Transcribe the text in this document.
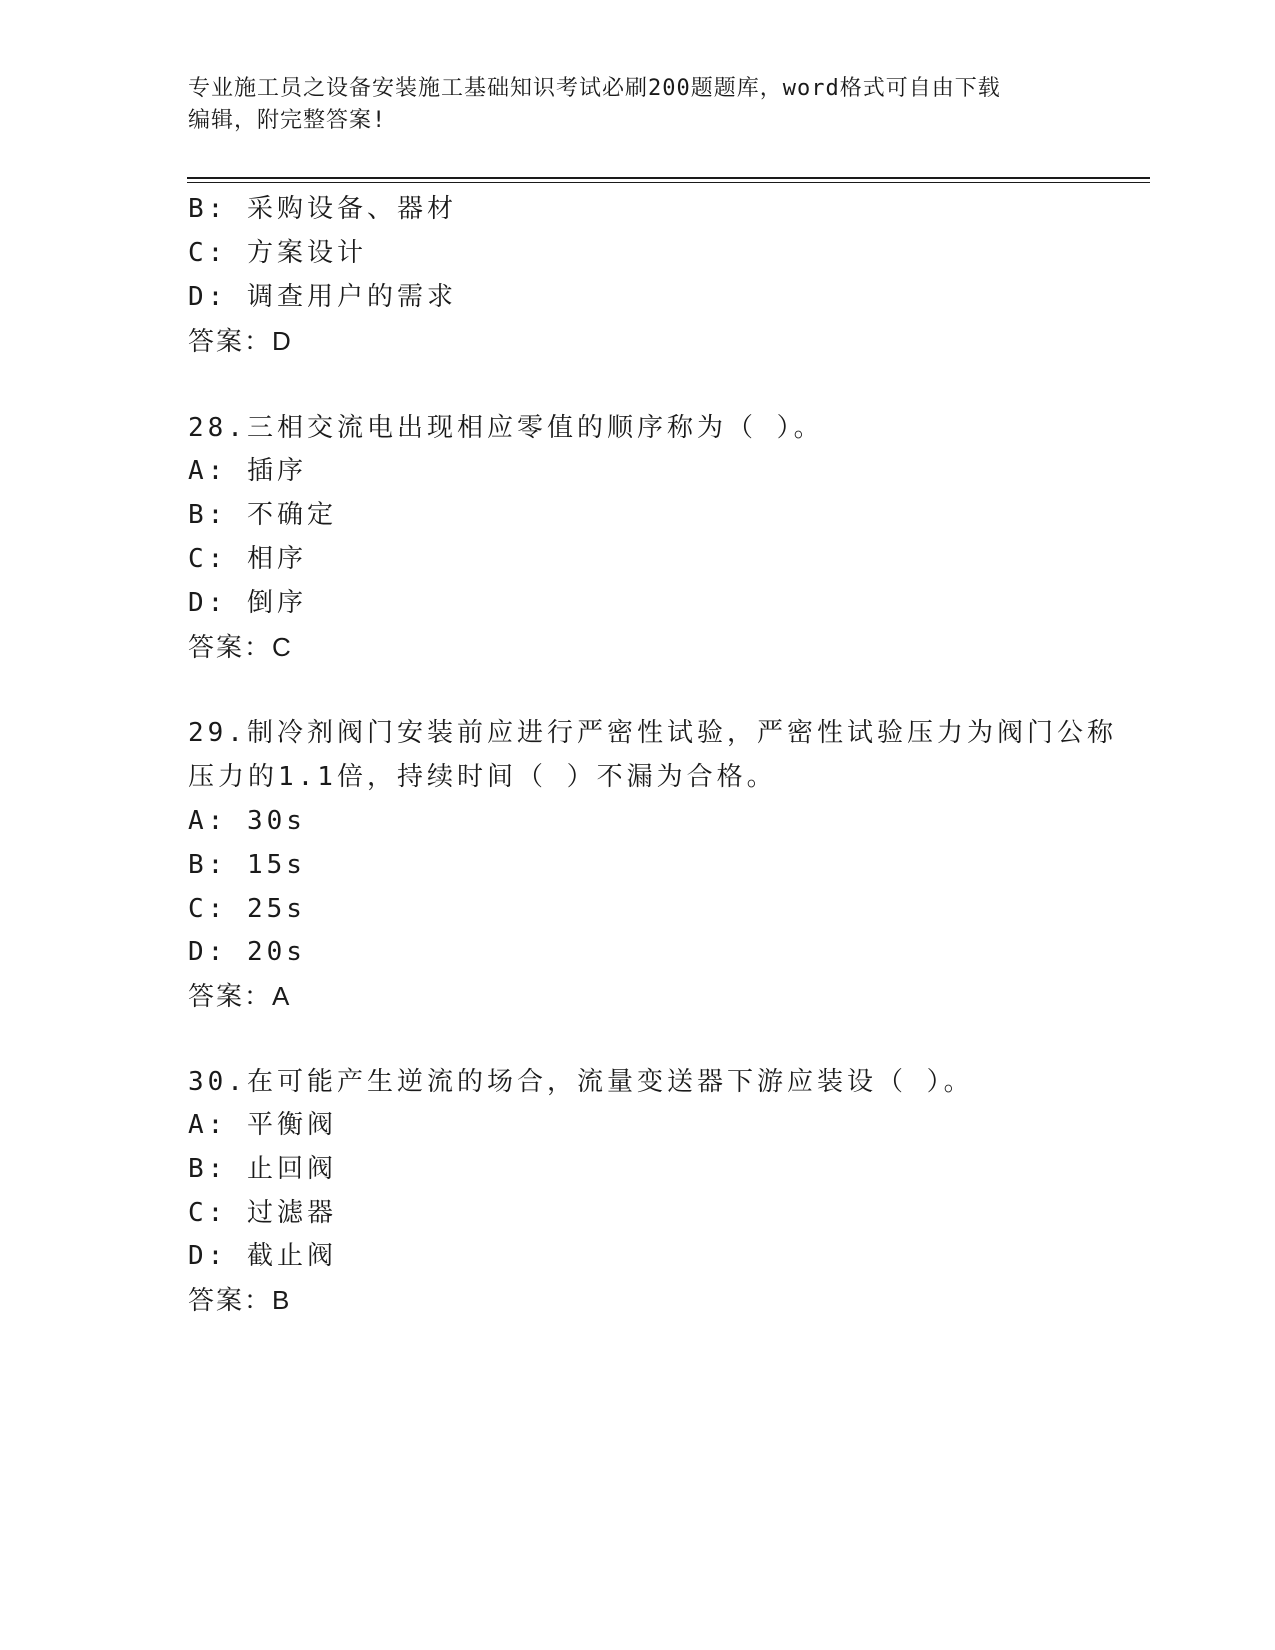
专业施工员之设备安装施工基础知识考试必刷200题题库，word格式可自由下载
编辑，附完整答案!
B: 采购设备、器材
C: 方案设计
D: 调查用户的需求
答案：D
28.三相交流电出现相应零值的顺序称为（ ）。
A: 插序
B: 不确定
C: 相序
D: 倒序
答案：C
29.制冷剂阀门安装前应进行严密性试验，严密性试验压力为阀门公称
压力的1.1倍，持续时间（ ）不漏为合格。
A: 30s
B: 15s
C: 25s
D: 20s
答案：A
30.在可能产生逆流的场合，流量变送器下游应装设（ ）。
A: 平衡阀
B: 止回阀
C: 过滤器
D: 截止阀
答案：B
